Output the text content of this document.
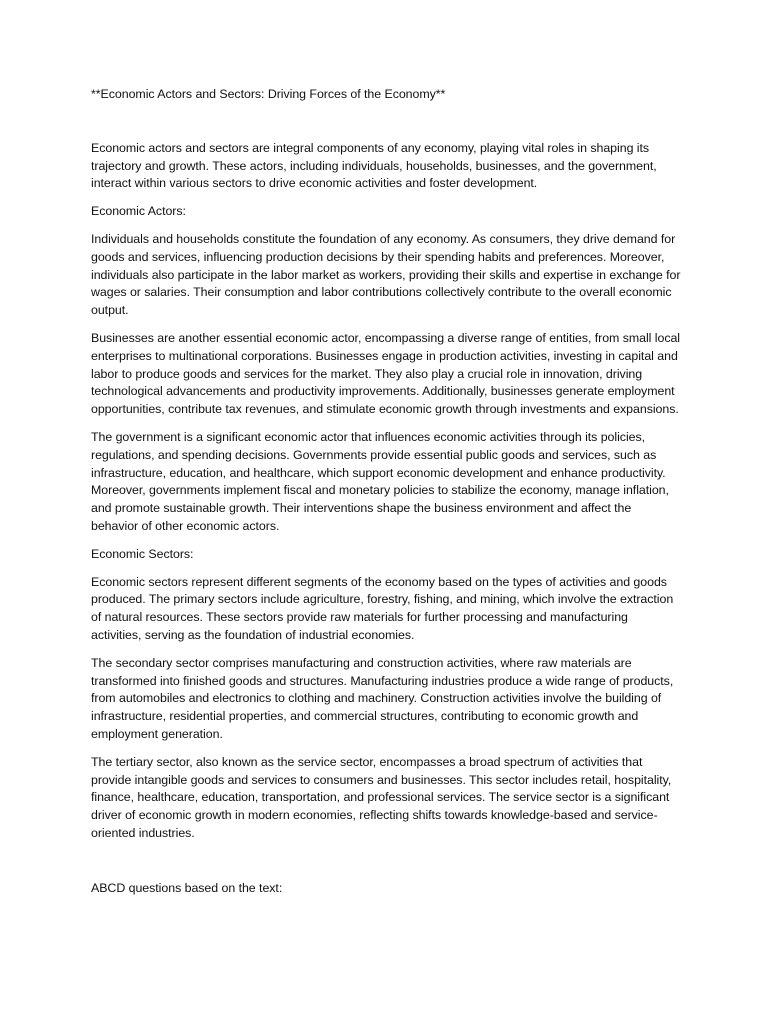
**Economic Actors and Sectors: Driving Forces of the Economy**

Economic actors and sectors are integral components of any economy, playing vital roles in shaping its trajectory and growth. These actors, including individuals, households, businesses, and the government, interact within various sectors to drive economic activities and foster development.

Economic Actors:

Individuals and households constitute the foundation of any economy. As consumers, they drive demand for goods and services, influencing production decisions by their spending habits and preferences. Moreover, individuals also participate in the labor market as workers, providing their skills and expertise in exchange for wages or salaries. Their consumption and labor contributions collectively contribute to the overall economic output.

Businesses are another essential economic actor, encompassing a diverse range of entities, from small local enterprises to multinational corporations. Businesses engage in production activities, investing in capital and labor to produce goods and services for the market. They also play a crucial role in innovation, driving technological advancements and productivity improvements. Additionally, businesses generate employment opportunities, contribute tax revenues, and stimulate economic growth through investments and expansions.

The government is a significant economic actor that influences economic activities through its policies, regulations, and spending decisions. Governments provide essential public goods and services, such as infrastructure, education, and healthcare, which support economic development and enhance productivity. Moreover, governments implement fiscal and monetary policies to stabilize the economy, manage inflation, and promote sustainable growth. Their interventions shape the business environment and affect the behavior of other economic actors.

Economic Sectors:

Economic sectors represent different segments of the economy based on the types of activities and goods produced. The primary sectors include agriculture, forestry, fishing, and mining, which involve the extraction of natural resources. These sectors provide raw materials for further processing and manufacturing activities, serving as the foundation of industrial economies.

The secondary sector comprises manufacturing and construction activities, where raw materials are transformed into finished goods and structures. Manufacturing industries produce a wide range of products, from automobiles and electronics to clothing and machinery. Construction activities involve the building of infrastructure, residential properties, and commercial structures, contributing to economic growth and employment generation.

The tertiary sector, also known as the service sector, encompasses a broad spectrum of activities that provide intangible goods and services to consumers and businesses. This sector includes retail, hospitality, finance, healthcare, education, transportation, and professional services. The service sector is a significant driver of economic growth in modern economies, reflecting shifts towards knowledge-based and service-oriented industries.

ABCD questions based on the text:
